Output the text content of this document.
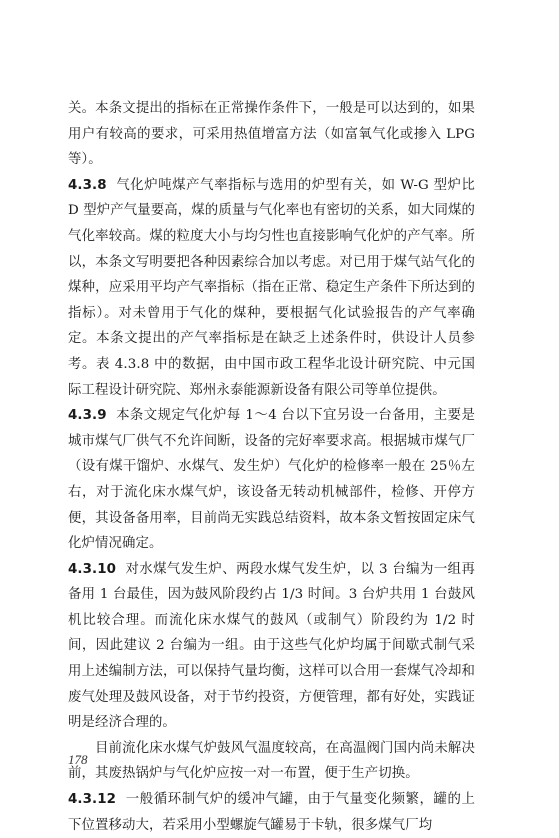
关。本条文提出的指标在正常操作条件下，一般是可以达到的，如果用户有较高的要求，可采用热值增富方法（如富氧气化或掺入 LPG 等）。

4.3.8 气化炉吨煤产气率指标与选用的炉型有关，如 W-G 型炉比 D 型炉产气量要高，煤的质量与气化率也有密切的关系，如大同煤的气化率较高。煤的粒度大小与均匀性也直接影响气化炉的产气率。所以，本条文写明要把各种因素综合加以考虑。对已用于煤气站气化的煤种，应采用平均产气率指标（指在正常、稳定生产条件下所达到的指标）。对未曾用于气化的煤种，要根据气化试验报告的产气率确定。本条文提出的产气率指标是在缺乏上述条件时，供设计人员参考。表 4.3.8 中的数据，由中国市政工程华北设计研究院、中元国际工程设计研究院、郑州永泰能源新设备有限公司等单位提供。

4.3.9 本条文规定气化炉每 1～4 台以下宜另设一台备用，主要是城市煤气厂供气不允许间断，设备的完好率要求高。根据城市煤气厂（设有煤干馏炉、水煤气、发生炉）气化炉的检修率一般在 25％左右，对于流化床水煤气炉，该设备无转动机械部件，检修、开停方便，其设备备用率，目前尚无实践总结资料，故本条文暂按固定床气化炉情况确定。

4.3.10 对水煤气发生炉、两段水煤气发生炉，以 3 台编为一组再备用 1 台最佳，因为鼓风阶段约占 1/3 时间。3 台炉共用 1 台鼓风机比较合理。而流化床水煤气的鼓风（或制气）阶段约为 1/2 时间，因此建议 2 台编为一组。由于这些气化炉均属于间歇式制气采用上述编制方法，可以保持气量均衡，这样可以合用一套煤气冷却和废气处理及鼓风设备，对于节约投资，方便管理，都有好处，实践证明是经济合理的。

目前流化床水煤气炉鼓风气温度较高，在高温阀门国内尚未解决前，其废热锅炉与气化炉应按一对一布置，便于生产切换。

4.3.12 一般循环制气炉的缓冲气罐，由于气量变化频繁，罐的上下位置移动大，若采用小型螺旋气罐易于卡轨，很多煤气厂均

178
